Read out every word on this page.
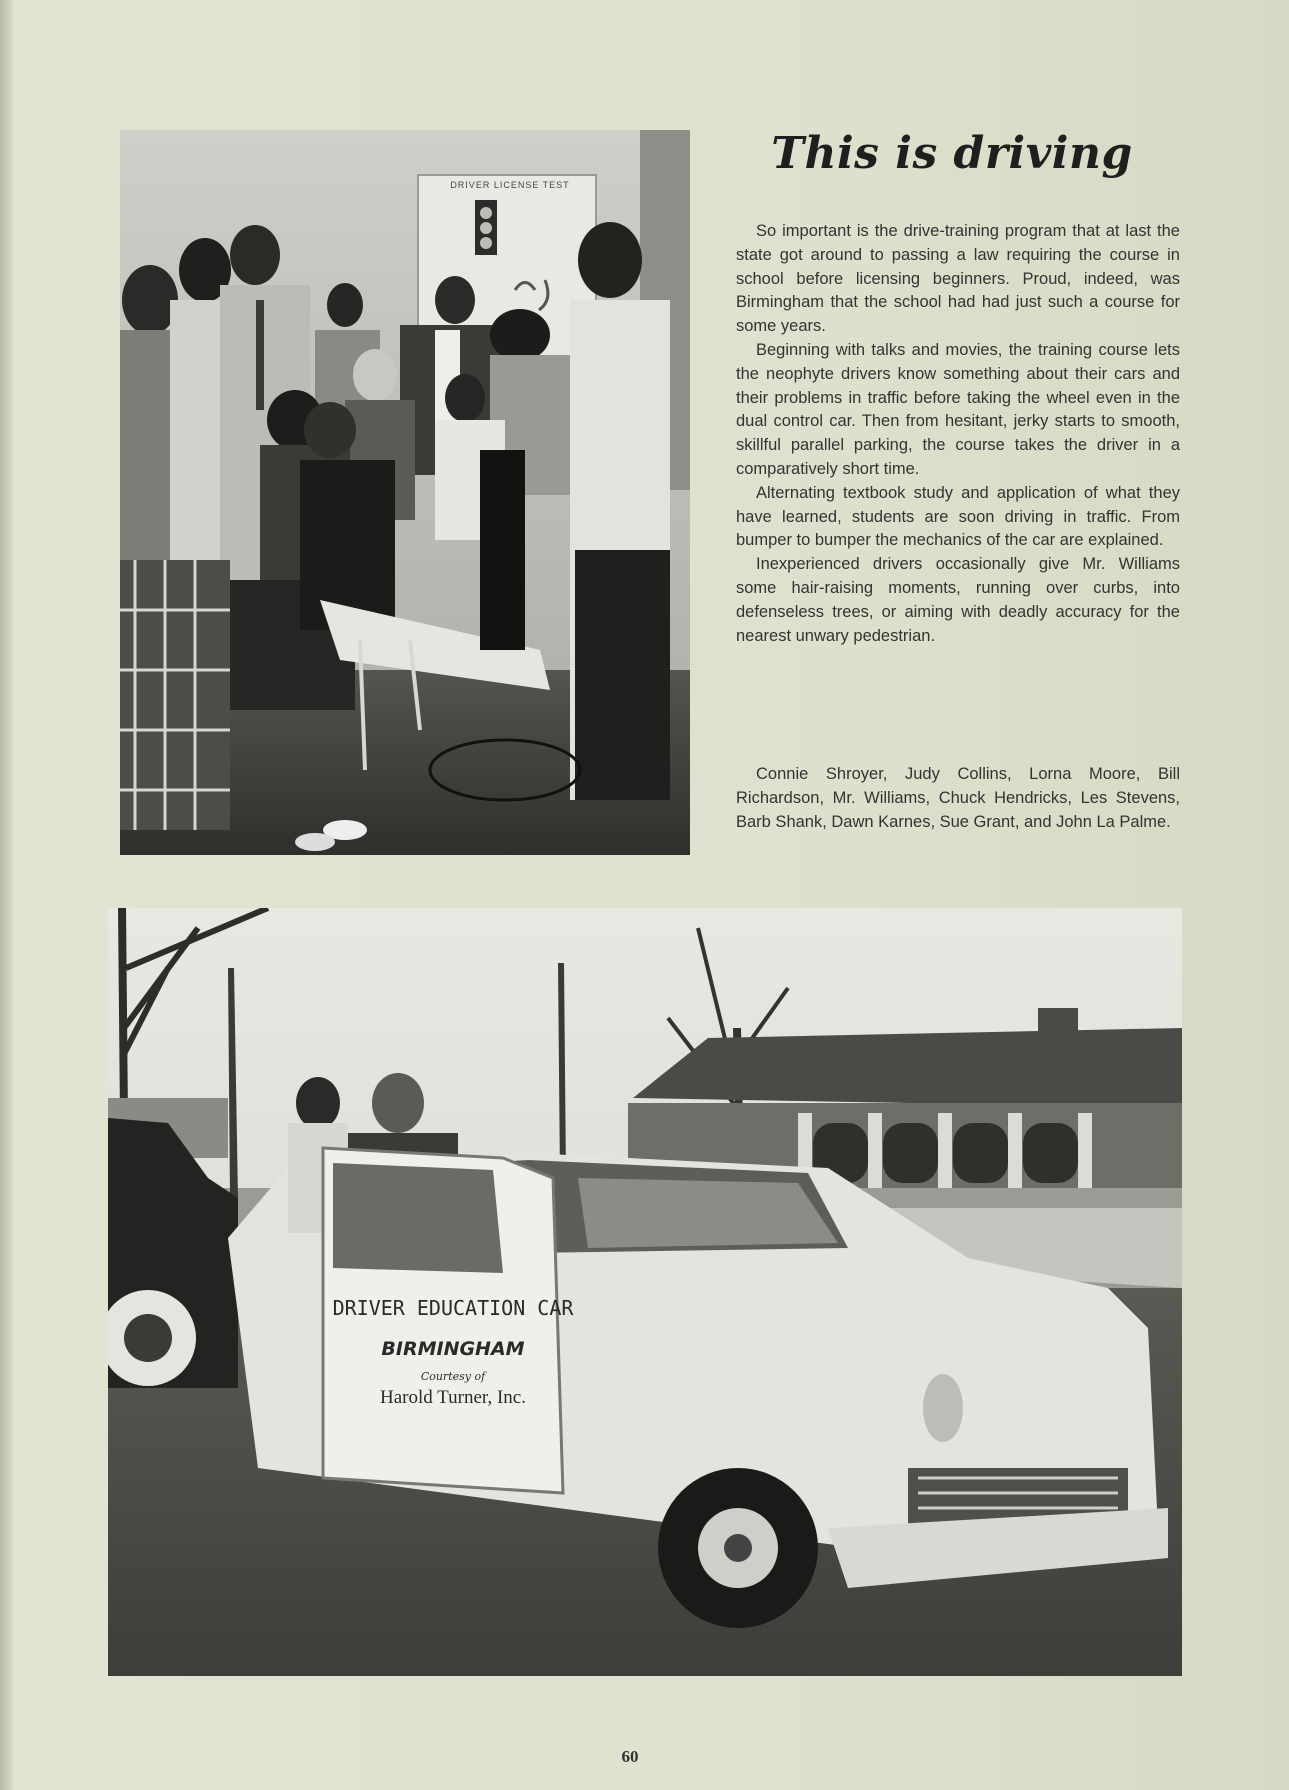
DRIVER LICENSE TEST
This is driving

So important is the drive-training program that at last the state got around to passing a law requiring the course in school before licensing beginners. Proud, indeed, was Birmingham that the school had had just such a course for some years.

Beginning with talks and movies, the training course lets the neophyte drivers know something about their cars and their problems in traffic before taking the wheel even in the dual control car. Then from hesitant, jerky starts to smooth, skillful parallel parking, the course takes the driver in a comparatively short time.

Alternating textbook study and application of what they have learned, students are soon driving in traffic. From bumper to bumper the mechanics of the car are explained.

Inexperienced drivers occasionally give Mr. Williams some hair-raising moments, running over curbs, into defenseless trees, or aiming with deadly accuracy for the nearest unwary pedestrian.

Connie Shroyer, Judy Collins, Lorna Moore, Bill Richardson, Mr. Williams, Chuck Hendricks, Les Stevens, Barb Shank, Dawn Karnes, Sue Grant, and John La Palme.
DRIVER EDUCATION CAR
BIRMINGHAM
Courtesy of
Harold Turner, Inc.
60
